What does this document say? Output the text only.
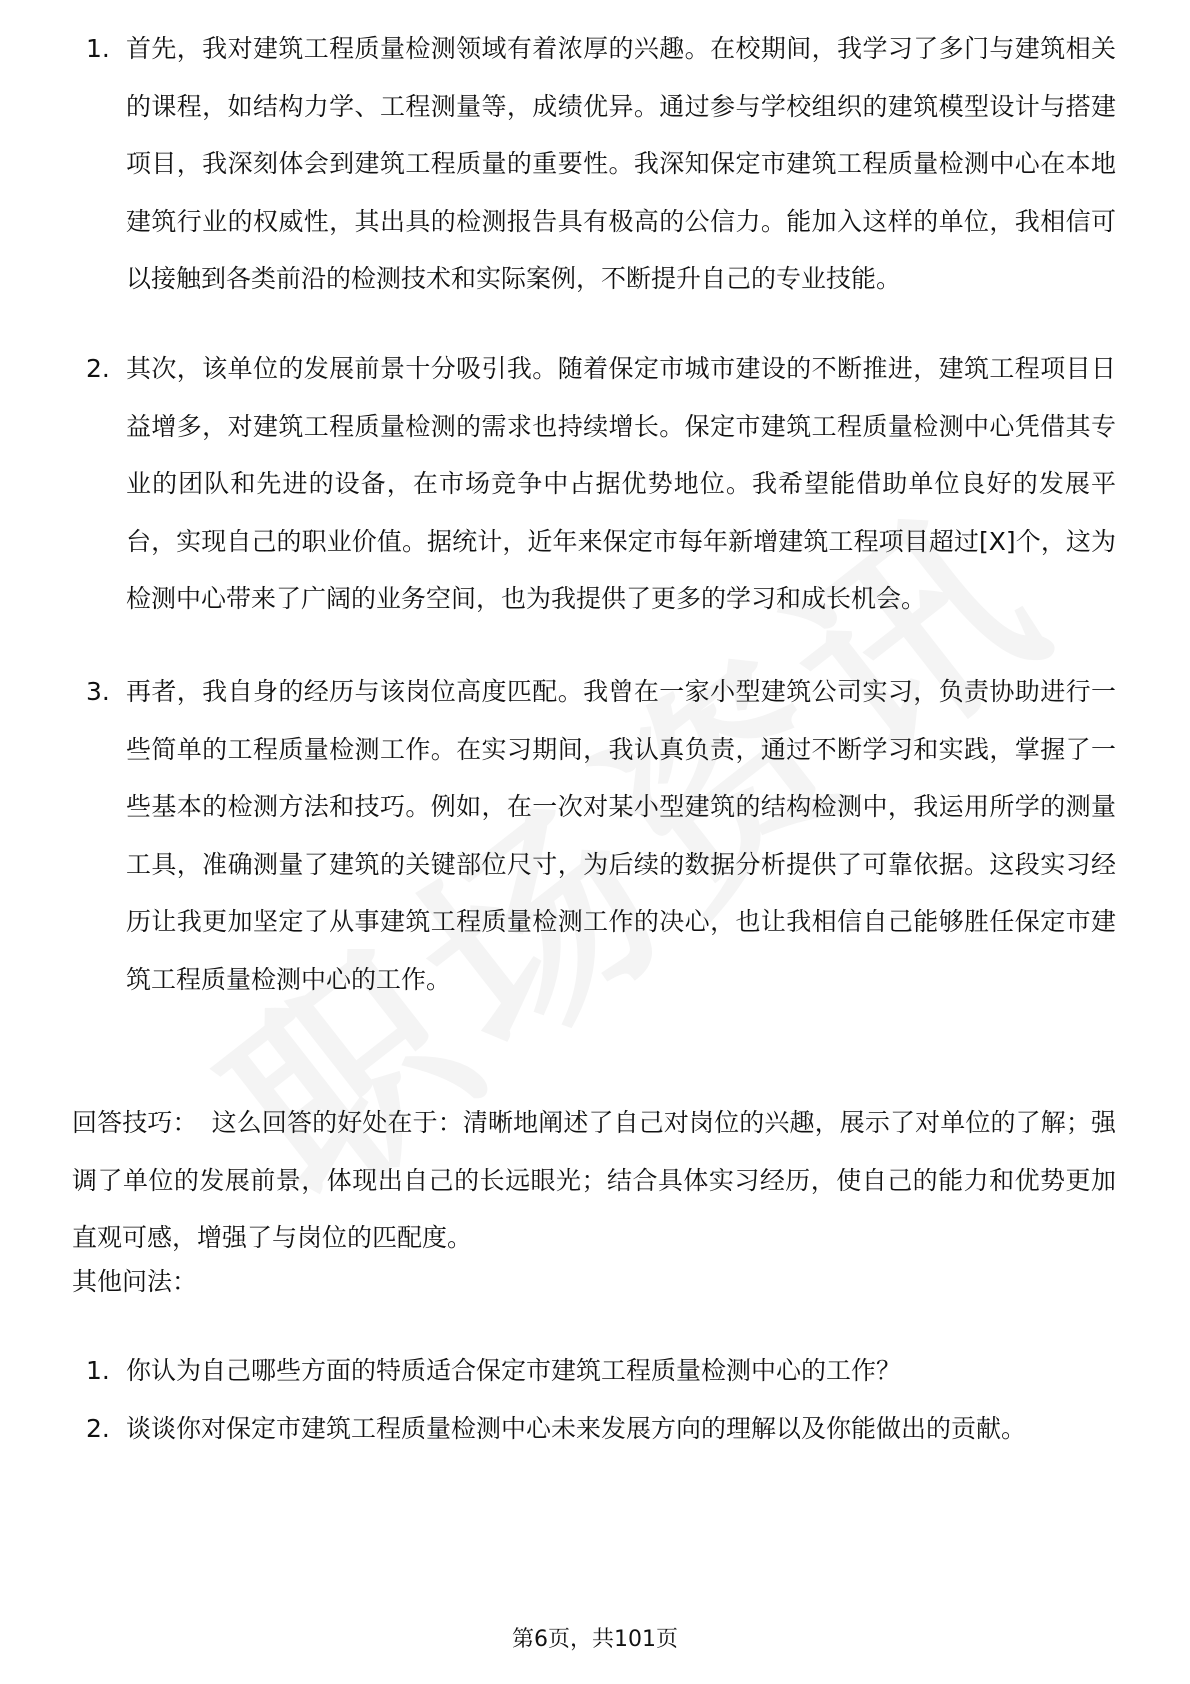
1. 首先，我对建筑工程质量检测领域有着浓厚的兴趣。在校期间，我学习了多门与建筑相关的课程，如结构力学、工程测量等，成绩优异。通过参与学校组织的建筑模型设计与搭建项目，我深刻体会到建筑工程质量的重要性。我深知保定市建筑工程质量检测中心在本地建筑行业的权威性，其出具的检测报告具有极高的公信力。能加入这样的单位，我相信可以接触到各类前沿的检测技术和实际案例，不断提升自己的专业技能。
2. 其次，该单位的发展前景十分吸引我。随着保定市城市建设的不断推进，建筑工程项目日益增多，对建筑工程质量检测的需求也持续增长。保定市建筑工程质量检测中心凭借其专业的团队和先进的设备，在市场竞争中占据优势地位。我希望能借助单位良好的发展平台，实现自己的职业价值。据统计，近年来保定市每年新增建筑工程项目超过[X]个，这为检测中心带来了广阔的业务空间，也为我提供了更多的学习和成长机会。
3. 再者，我自身的经历与该岗位高度匹配。我曾在一家小型建筑公司实习，负责协助进行一些简单的工程质量检测工作。在实习期间，我认真负责，通过不断学习和实践，掌握了一些基本的检测方法和技巧。例如，在一次对某小型建筑的结构检测中，我运用所学的测量工具，准确测量了建筑的关键部位尺寸，为后续的数据分析提供了可靠依据。这段实习经历让我更加坚定了从事建筑工程质量检测工作的决心，也让我相信自己能够胜任保定市建筑工程质量检测中心的工作。
回答技巧： 这么回答的好处在于：清晰地阐述了自己对岗位的兴趣，展示了对单位的了解；强调了单位的发展前景，体现出自己的长远眼光；结合具体实习经历，使自己的能力和优势更加直观可感，增强了与岗位的匹配度。
其他问法：
1. 你认为自己哪些方面的特质适合保定市建筑工程质量检测中心的工作？
2. 谈谈你对保定市建筑工程质量检测中心未来发展方向的理解以及你能做出的贡献。
第6页，共101页
